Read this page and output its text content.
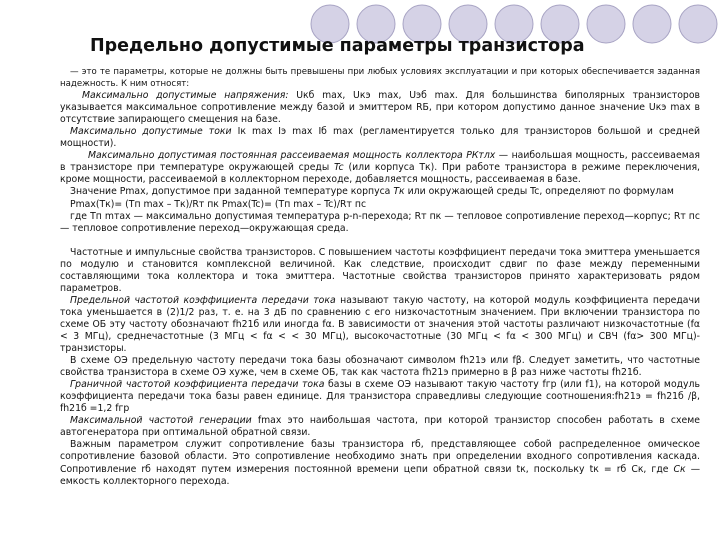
Предельно допустимые параметры транзистора

— это те параметры, которые не должны быть превышены при любых условиях эксплуатации и при которых обеспечивается заданная надежность. К ним относят:

Максимально допустимые напряжения: Uкб max, Uкэ max, Uэб max. Для большинства биполярных транзисторов указывается максимальное сопротивление между базой и эмиттером RБ, при котором допустимо данное значение Uкэ max в отсутствие запирающего смещения на базе.

Максимально допустимые токи Iк max Iэ max Iб max (регламентируется только для транзисторов большой и средней мощности).

Максимально допустимая постоянная рассеиваемая мощность коллектора PКтлх — наибольшая мощность, рассеиваемая в транзисторе при температуре окружающей среды Tc (или корпуса Tк). При работе транзистора в режиме переключения, кроме мощности, рассеиваемой в коллекторном переходе, добавляется мощность, рассеиваемая в базе.

Значение Pmax, допустимое при заданной температуре корпуса Tк или окружающей среды Tc, определяют по формулам

Pmax(Tк)= (Tп max – Tк)/Rт пк Pmax(Tc)= (Tп max – Tc)/Rт пc

где Tп mтах — максимально допустимая температура p-n-перехода; Rт пк — тепловое сопротивление переход—корпус; Rт пс — тепловое сопротивление переход—окружающая среда.

Частотные и импульсные свойства транзисторов. С повышением частоты коэффициент передачи тока эмиттера уменьшается по модулю и становится комплексной величиной. Как следствие, происходит сдвиг по фазе между переменными составляющими тока коллектора и тока эмиттера. Частотные свойства транзисторов принято характеризовать рядом параметров.

Предельной частотой коэффициента передачи тока называют такую частоту, на которой модуль коэффициента передачи тока уменьшается в (2)1/2 раз, т. е. на 3 дБ по сравнению с его низкочастотным значением. При включении транзистора по схеме ОБ эту частоту обозначают fh21б или иногда fα. В зависимости от значения этой частоты различают низкочастотные (fα < 3 МГц), среднечастотные (3 МГц < fα < < 30 МГц), высокочастотные (30 МГц < fα < 300 МГц) и СВЧ (fα> 300 МГц)-транзисторы.

В схеме ОЭ предельную частоту передачи тока базы обозначают символом fh21э или fβ. Следует заметить, что частотные свойства транзистора в схеме ОЭ хуже, чем в схеме ОБ, так как частота fh21э примерно в β раз ниже частоты fh21б.

Граничной частотой коэффициента передачи тока базы в схеме ОЭ называют такую частоту fгр (или f1), на которой модуль коэффициента передачи тока базы равен единице. Для транзистора справедливы следующие соотношения:fh21э = fh21б /β, fh21б =1,2 fгр

Максимальной частотой генерации fmax это наибольшая частота, при которой транзистор способен работать в схеме автогенератора при оптимальной обратной связи.

Важным параметром служит сопротивление базы транзистора rб, представляющее собой распределенное омическое сопротивление базовой области. Это сопротивление необходимо знать при определении входного сопротивления каскада. Сопротивление rб находят путем измерения постоянной времени цепи обратной связи tк, поскольку tк = rб Cк, где Cк — емкость коллекторного перехода.
